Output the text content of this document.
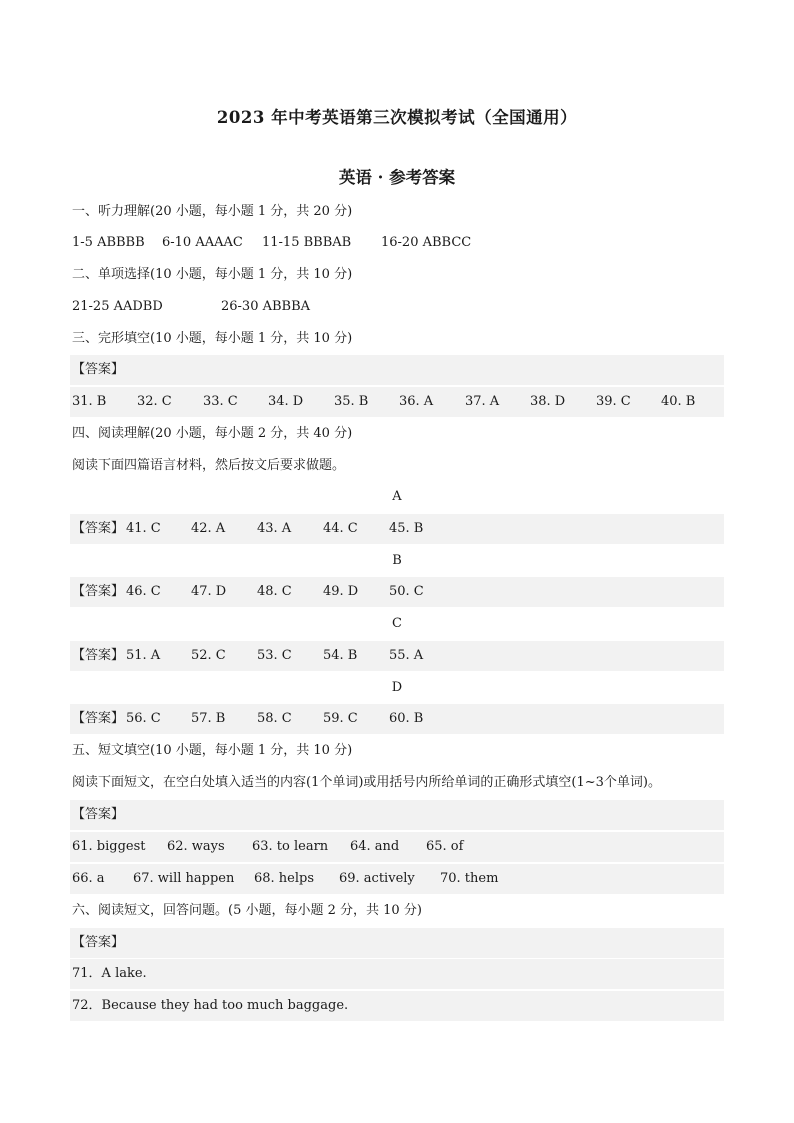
2023 年中考英语第三次模拟考试（全国通用）
英语 · 参考答案
一、听力理解(20 小题，每小题 1 分，共 20 分)
1-5 ABBBB 6-10 AAAAC 11-15 BBBAB 16-20 ABBCC
二、单项选择(10 小题，每小题 1 分，共 10 分)
21-25 AADBD	26-30 ABBBA
三、完形填空(10 小题，每小题 1 分，共 10 分)
【答案】
31. B 32. C 33. C 34. D 35. B 36. A 37. A 38. D 39. C 40. B
四、阅读理解(20 小题，每小题 2 分，共 40 分)
阅读下面四篇语言材料，然后按文后要求做题。
A
【答案】 41. C 42. A 43. A 44. C 45. B
B
【答案】 46. C 47. D 48. C 49. D 50. C
C
【答案】 51. A 52. C 53. C 54. B 55. A
D
【答案】 56. C 57. B 58. C 59. C 60. B
五、短文填空(10 小题，每小题 1 分，共 10 分)
阅读下面短文，在空白处填入适当的内容(1个单词)或用括号内所给单词的正确形式填空(1~3个单词)。
【答案】
61. biggest 62. ways 63. to learn 64. and 65. of
66. a 67. will happen 68. helps 69. actively 70. them
六、阅读短文，回答问题。(5 小题，每小题 2 分，共 10 分)
【答案】
71．A lake.
72．Because they had too much baggage.
